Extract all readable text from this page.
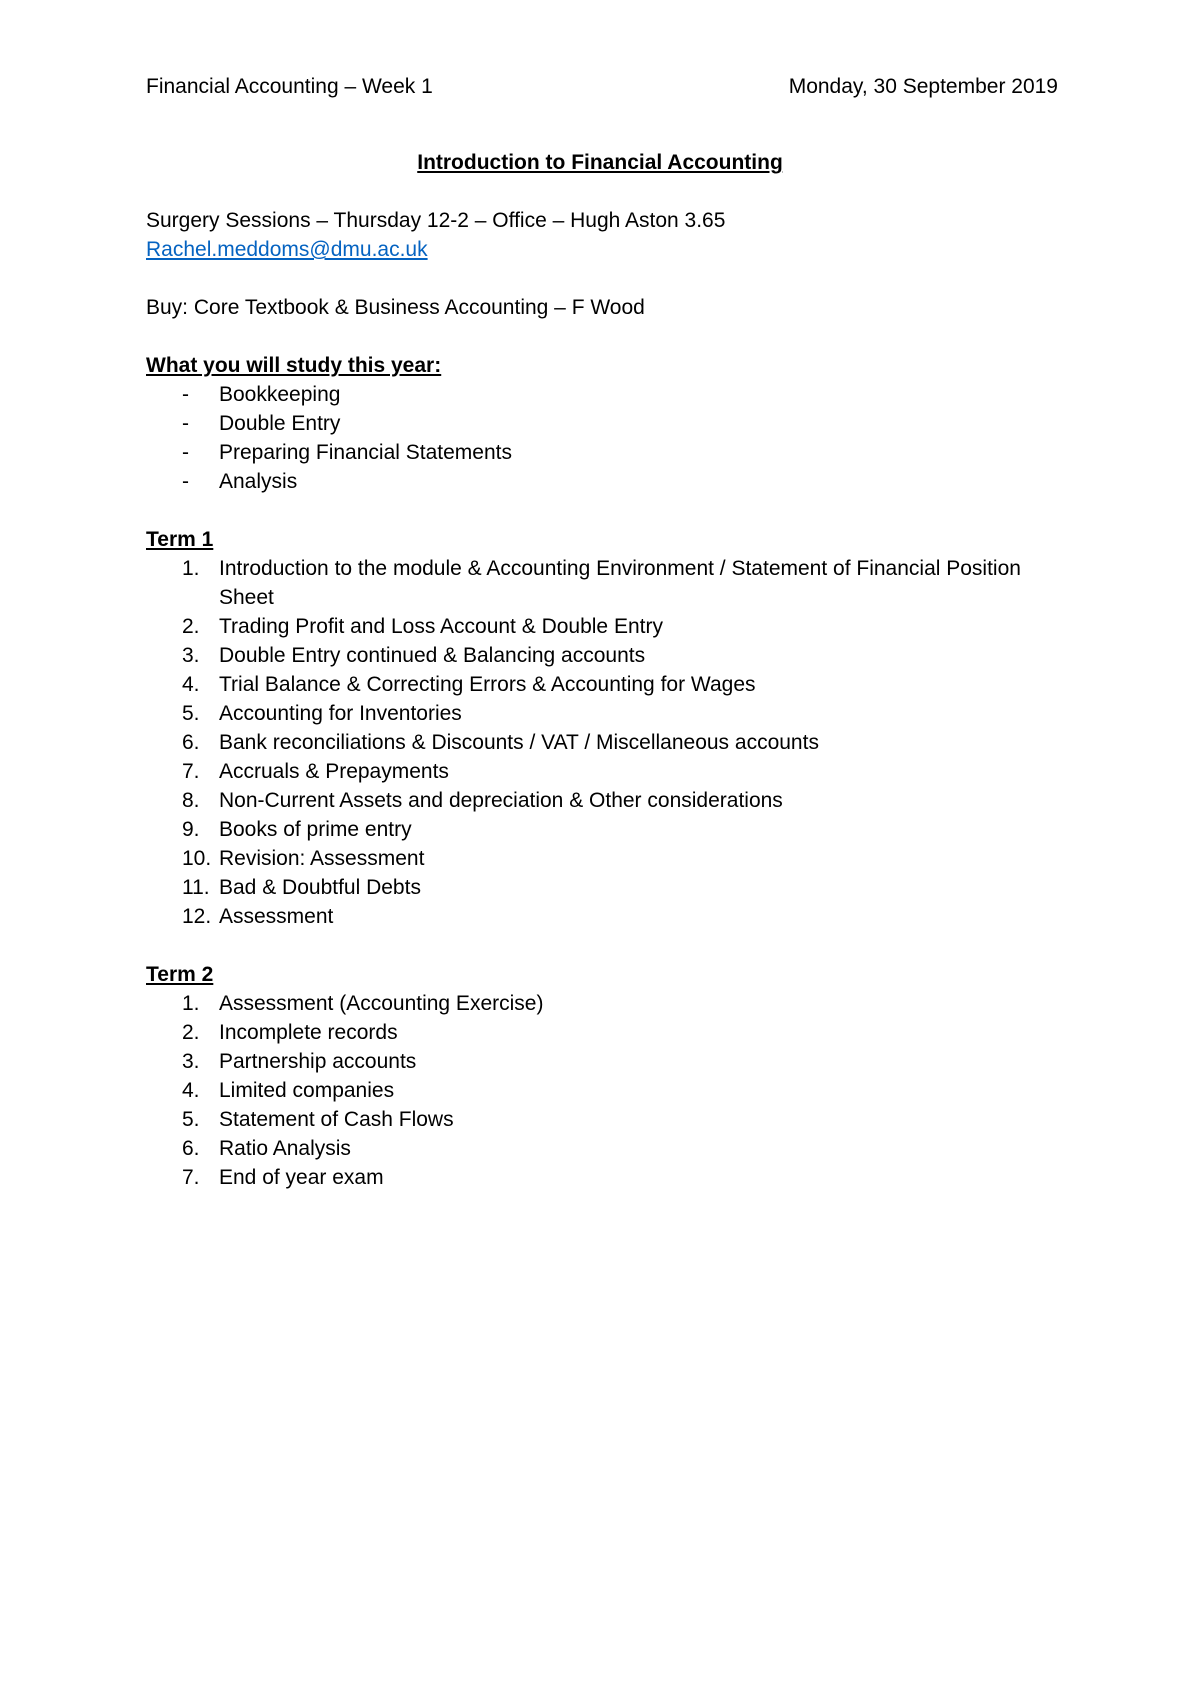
Financial Accounting – Week 1	Monday, 30 September 2019
Introduction to Financial Accounting
Surgery Sessions – Thursday 12-2 – Office – Hugh Aston 3.65
Rachel.meddoms@dmu.ac.uk
Buy: Core Textbook & Business Accounting – F Wood
What you will study this year:
- Bookkeeping
- Double Entry
- Preparing Financial Statements
- Analysis
Term 1
1. Introduction to the module & Accounting Environment / Statement of Financial Position Sheet
2. Trading Profit and Loss Account & Double Entry
3. Double Entry continued & Balancing accounts
4. Trial Balance & Correcting Errors & Accounting for Wages
5. Accounting for Inventories
6. Bank reconciliations & Discounts / VAT / Miscellaneous accounts
7. Accruals & Prepayments
8. Non-Current Assets and depreciation & Other considerations
9. Books of prime entry
10. Revision: Assessment
11. Bad & Doubtful Debts
12. Assessment
Term 2
1. Assessment (Accounting Exercise)
2. Incomplete records
3. Partnership accounts
4. Limited companies
5. Statement of Cash Flows
6. Ratio Analysis
7. End of year exam
